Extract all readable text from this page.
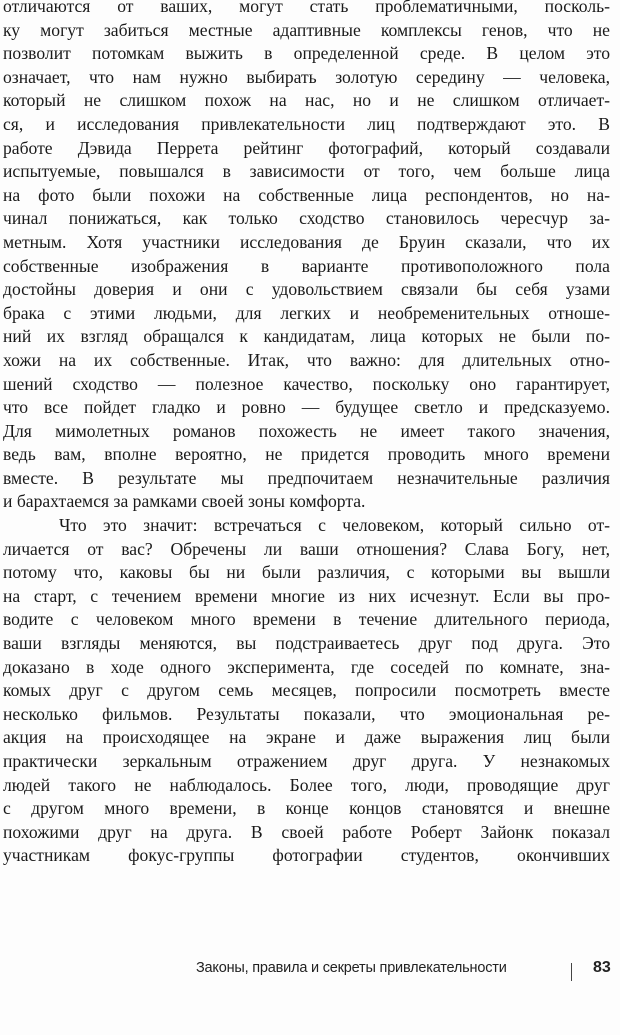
отличаются от ваших, могут стать проблематичными, посколь-
ку могут забиться местные адаптивные комплексы генов, что не
позволит потомкам выжить в определенной среде. В целом это
означает, что нам нужно выбирать золотую середину — человека,
который не слишком похож на нас, но и не слишком отличает-
ся, и исследования привлекательности лиц подтверждают это. В
работе Дэвида Перрета рейтинг фотографий, который создавали
испытуемые, повышался в зависимости от того, чем больше лица
на фото были похожи на собственные лица респондентов, но на-
чинал понижаться, как только сходство становилось чересчур за-
метным. Хотя участники исследования де Бруин сказали, что их
собственные изображения в варианте противоположного пола
достойны доверия и они с удовольствием связали бы себя узами
брака с этими людьми, для легких и необременительных отноше-
ний их взгляд обращался к кандидатам, лица которых не были по-
хожи на их собственные. Итак, что важно: для длительных отно-
шений сходство — полезное качество, поскольку оно гарантирует,
что все пойдет гладко и ровно — будущее светло и предсказуемо.
Для мимолетных романов похожесть не имеет такого значения,
ведь вам, вполне вероятно, не придется проводить много времени
вместе. В результате мы предпочитаем незначительные различия
и барахтаемся за рамками своей зоны комфорта.
Что это значит: встречаться с человеком, который сильно от-
личается от вас? Обречены ли ваши отношения? Слава Богу, нет,
потому что, каковы бы ни были различия, с которыми вы вышли
на старт, с течением времени многие из них исчезнут. Если вы про-
водите с человеком много времени в течение длительного периода,
ваши взгляды меняются, вы подстраиваетесь друг под друга. Это
доказано в ходе одного эксперимента, где соседей по комнате, зна-
комых друг с другом семь месяцев, попросили посмотреть вместе
несколько фильмов. Результаты показали, что эмоциональная ре-
акция на происходящее на экране и даже выражения лиц были
практически зеркальным отражением друг друга. У незнакомых
людей такого не наблюдалось. Более того, люди, проводящие друг
с другом много времени, в конце концов становятся и внешне
похожими друг на друга. В своей работе Роберт Зайонк показал
участникам фокус-группы фотографии студентов, окончивших
Законы, правила и секреты привлекательности	83
